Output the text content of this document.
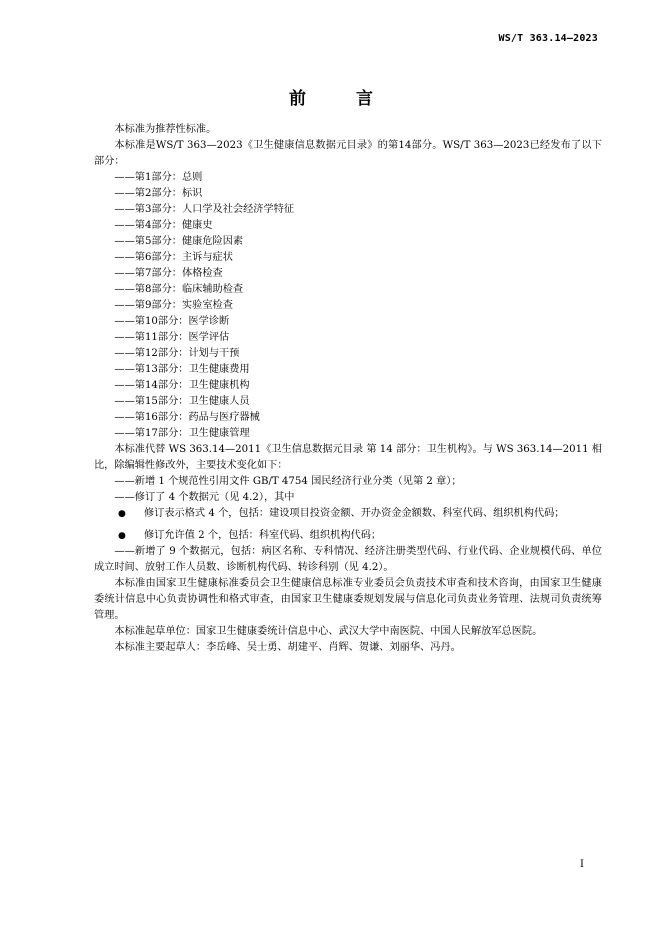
WS/T 363.14—2023
前 言

本标准为推荐性标准。

本标准是WS/T 363—2023《卫生健康信息数据元目录》的第14部分。WS/T 363—2023已经发布了以下部分：

——第1部分：总则

——第2部分：标识

——第3部分：人口学及社会经济学特征

——第4部分：健康史

——第5部分：健康危险因素

——第6部分：主诉与症状

——第7部分：体格检查

——第8部分：临床辅助检查

——第9部分：实验室检查

——第10部分：医学诊断

——第11部分：医学评估

——第12部分：计划与干预

——第13部分：卫生健康费用

——第14部分：卫生健康机构

——第15部分：卫生健康人员

——第16部分：药品与医疗器械

——第17部分：卫生健康管理

本标准代替 WS 363.14—2011《卫生信息数据元目录 第 14 部分：卫生机构》。与 WS 363.14—2011 相比，除编辑性修改外，主要技术变化如下：

——新增 1 个规范性引用文件 GB/T 4754 国民经济行业分类（见第 2 章）；

——修订了 4 个数据元（见 4.2），其中

● 修订表示格式 4 个，包括：建设项目投资金额、开办资金金额数、科室代码、组织机构代码；

● 修订允许值 2 个，包括：科室代码、组织机构代码；

——新增了 9 个数据元，包括：病区名称、专科情况、经济注册类型代码、行业代码、企业规模代码、单位成立时间、放射工作人员数、诊断机构代码、转诊科别（见 4.2）。

本标准由国家卫生健康标准委员会卫生健康信息标准专业委员会负责技术审查和技术咨询，由国家卫生健康委统计信息中心负责协调性和格式审查，由国家卫生健康委规划发展与信息化司负责业务管理、法规司负责统筹管理。

本标准起草单位：国家卫生健康委统计信息中心、武汉大学中南医院、中国人民解放军总医院。

本标准主要起草人：李岳峰、吴士勇、胡建平、肖辉、贺谦、刘丽华、冯丹。

I
